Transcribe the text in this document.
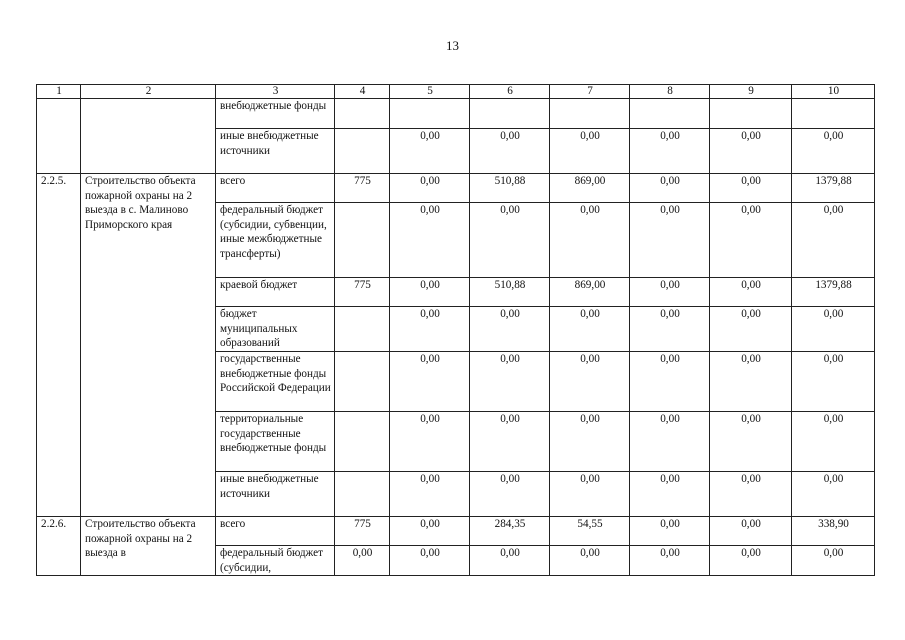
13
1	2	3	4	5	6	7	8	9	10
		внебюджетные фонды							
		иные внебюджетные источники		0,00	0,00	0,00	0,00	0,00	0,00
2.2.5.	Строительство объекта пожарной охраны на 2 выезда в с. Малиново Приморского края	всего	775	0,00	510,88	869,00	0,00	0,00	1379,88
		федеральный бюджет (субсидии, субвенции, иные межбюджетные трансферты)		0,00	0,00	0,00	0,00	0,00	0,00
		краевой бюджет	775	0,00	510,88	869,00	0,00	0,00	1379,88
		бюджет муниципальных образований		0,00	0,00	0,00	0,00	0,00	0,00
		государственные внебюджетные фонды Российской Федерации		0,00	0,00	0,00	0,00	0,00	0,00
		территориальные государственные внебюджетные фонды		0,00	0,00	0,00	0,00	0,00	0,00
		иные внебюджетные источники		0,00	0,00	0,00	0,00	0,00	0,00
2.2.6.	Строительство объекта пожарной охраны на 2 выезда в	всего	775	0,00	284,35	54,55	0,00	0,00	338,90
		федеральный бюджет (субсидии,	0,00	0,00	0,00	0,00	0,00	0,00	0,00
